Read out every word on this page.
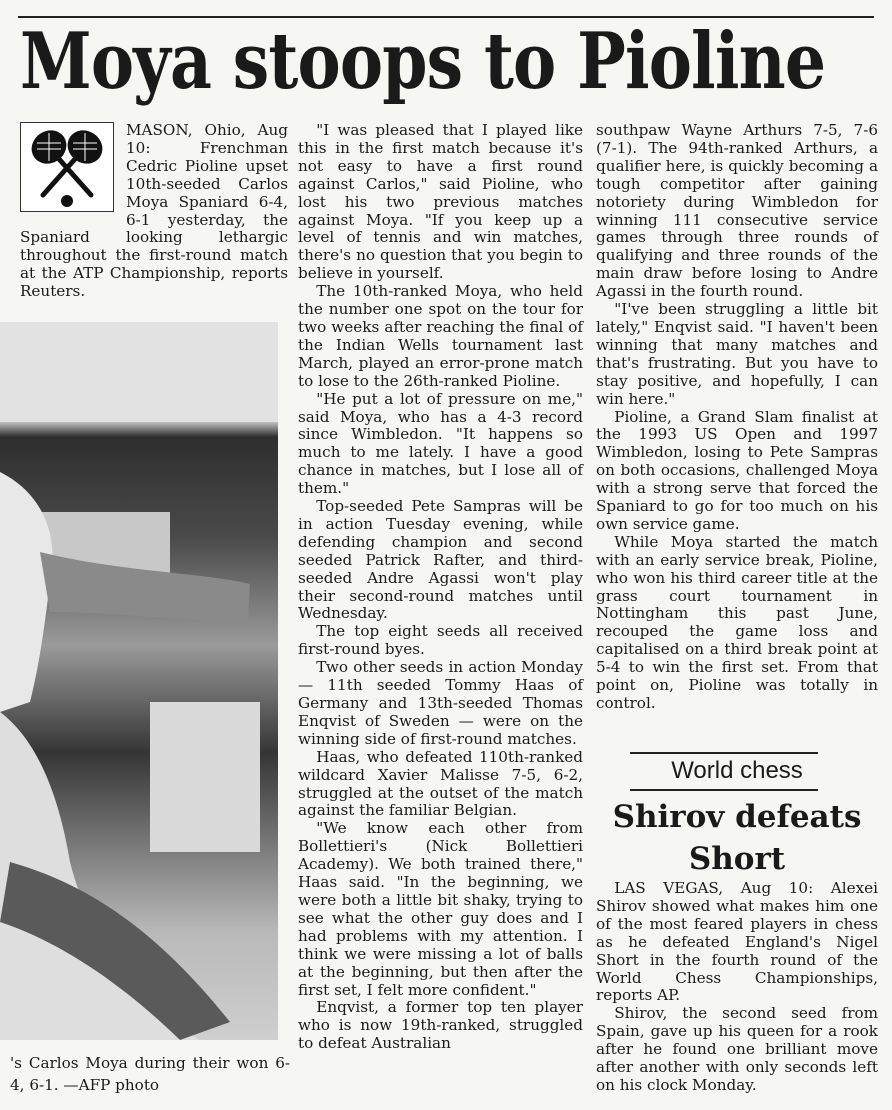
Moya stoops to Pioline

MASON, Ohio, Aug 10: Frenchman Cedric Pioline upset 10th-seeded Carlos Moya Spaniard 6-4, 6-1 yesterday, the Spaniard looking lethargic throughout the first-round match at the ATP Championship, reports Reuters.

's Carlos Moya during their won 6-4, 6-1. —AFP photo

"I was pleased that I played like this in the first match because it's not easy to have a first round against Carlos," said Pioline, who lost his two previous matches against Moya. "If you keep up a level of tennis and win matches, there's no question that you begin to believe in yourself.

The 10th-ranked Moya, who held the number one spot on the tour for two weeks after reaching the final of the Indian Wells tournament last March, played an error-prone match to lose to the 26th-ranked Pioline.

"He put a lot of pressure on me," said Moya, who has a 4-3 record since Wimbledon. "It happens so much to me lately. I have a good chance in matches, but I lose all of them."

Top-seeded Pete Sampras will be in action Tuesday evening, while defending champion and second seeded Patrick Rafter, and third-seeded Andre Agassi won't play their second-round matches until Wednesday.

The top eight seeds all received first-round byes.

Two other seeds in action Monday — 11th seeded Tommy Haas of Germany and 13th-seeded Thomas Enqvist of Sweden — were on the winning side of first-round matches.

Haas, who defeated 110th-ranked wildcard Xavier Malisse 7-5, 6-2, struggled at the outset of the match against the familiar Belgian.

"We know each other from Bollettieri's (Nick Bollettieri Academy). We both trained there," Haas said. "In the beginning, we were both a little bit shaky, trying to see what the other guy does and I had problems with my attention. I think we were missing a lot of balls at the beginning, but then after the first set, I felt more confident."

Enqvist, a former top ten player who is now 19th-ranked, struggled to defeat Australian

southpaw Wayne Arthurs 7-5, 7-6 (7-1). The 94th-ranked Arthurs, a qualifier here, is quickly becoming a tough competitor after gaining notoriety during Wimbledon for winning 111 consecutive service games through three rounds of qualifying and three rounds of the main draw before losing to Andre Agassi in the fourth round.

"I've been struggling a little bit lately," Enqvist said. "I haven't been winning that many matches and that's frustrating. But you have to stay positive, and hopefully, I can win here."

Pioline, a Grand Slam finalist at the 1993 US Open and 1997 Wimbledon, losing to Pete Sampras on both occasions, challenged Moya with a strong serve that forced the Spaniard to go for too much on his own service game.

While Moya started the match with an early service break, Pioline, who won his third career title at the grass court tournament in Nottingham this past June, recouped the game loss and capitalised on a third break point at 5-4 to win the first set. From that point on, Pioline was totally in control.

World chess
Shirov defeats Short

LAS VEGAS, Aug 10: Alexei Shirov showed what makes him one of the most feared players in chess as he defeated England's Nigel Short in the fourth round of the World Chess Championships, reports AP.

Shirov, the second seed from Spain, gave up his queen for a rook after he found one brilliant move after another with only seconds left on his clock Monday.
